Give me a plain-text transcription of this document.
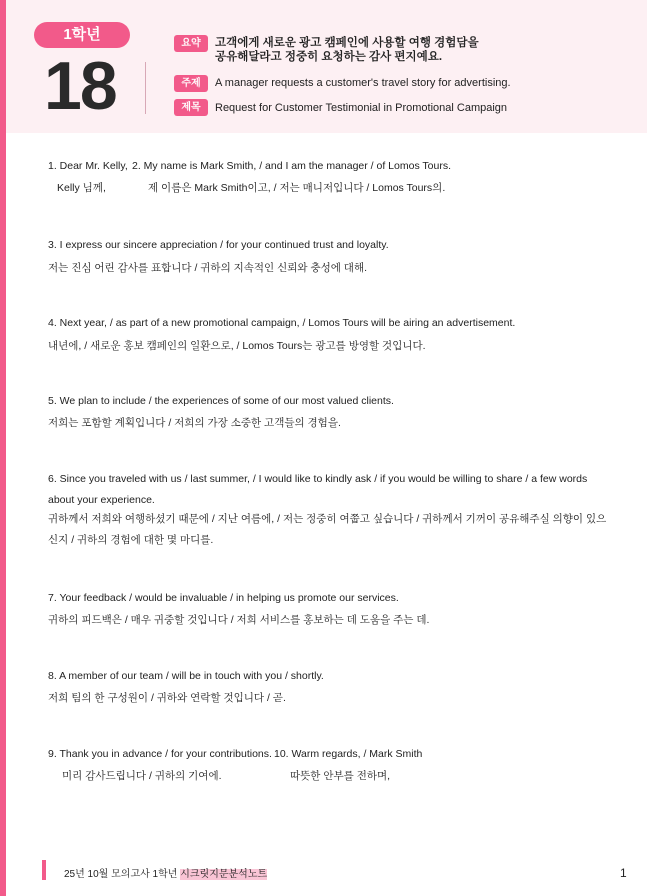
1학년
18
요약	고객에게 새로운 광고 캠페인에 사용할 여행 경험담을
공유해달라고 정중히 요청하는 감사 편지예요.
주제	A manager requests a customer's travel story for advertising.
제목	Request for Customer Testimonial in Promotional Campaign
1. Dear Mr. Kelly,
Kelly 님께,
2. My name is Mark Smith, / and I am the manager / of Lomos Tours.
제 이름은 Mark Smith이고, / 저는 매니저입니다 / Lomos Tours의.
3. I express our sincere appreciation / for your continued trust and loyalty.
저는 진심 어린 감사를 표합니다 / 귀하의 지속적인 신뢰와 충성에 대해.
4. Next year, / as part of a new promotional campaign, / Lomos Tours will be airing an advertisement.
내년에, / 새로운 홍보 캠페인의 일환으로, / Lomos Tours는 광고를 방영할 것입니다.
5. We plan to include / the experiences of some of our most valued clients.
저희는 포함할 계획입니다 / 저희의 가장 소중한 고객들의 경험을.
6. Since you traveled with us / last summer, / I would like to kindly ask / if you would be willing to share / a few words about your experience.
귀하께서 저희와 여행하셨기 때문에 / 지난 여름에, / 저는 정중히 여쭙고 싶습니다 / 귀하께서 기꺼이 공유해주실 의향이 있으신지 / 귀하의 경험에 대한 몇 마디를.
7. Your feedback / would be invaluable / in helping us promote our services.
귀하의 피드백은 / 매우 귀중할 것입니다 / 저희 서비스를 홍보하는 데 도움을 주는 데.
8. A member of our team / will be in touch with you / shortly.
저희 팀의 한 구성원이 / 귀하와 연락할 것입니다 / 곧.
9. Thank you in advance / for your contributions.
미리 감사드립니다 / 귀하의 기여에.
10. Warm regards, / Mark Smith
따뜻한 안부를 전하며,
25년 10월 모의고사 1학년 시크릿지문분석노트	1
